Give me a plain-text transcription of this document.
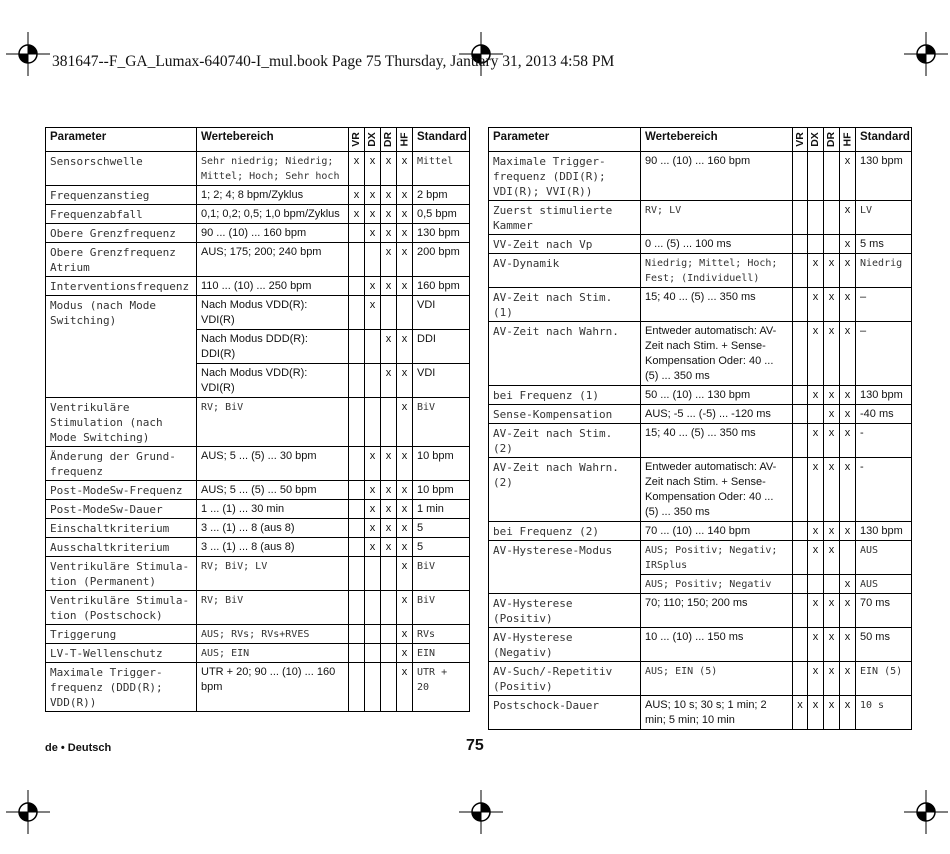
381647--F_GA_Lumax-640740-I_mul.book Page 75 Thursday, January 31, 2013 4:58 PM
Parameter	Wertebereich	VR	DX	DR	HF	Standard
Sensorschwelle	Sehr niedrig; Niedrig; Mittel; Hoch; Sehr hoch	x	x	x	x	Mittel
Frequenzanstieg	1; 2; 4; 8 bpm/Zyklus	x	x	x	x	2 bpm
Frequenzabfall	0,1; 0,2; 0,5; 1,0 bpm/Zyklus	x	x	x	x	0,5 bpm
Obere Grenzfrequenz	90 ... (10) ... 160 bpm		x	x	x	130 bpm
Obere Grenzfrequenz Atrium	AUS; 175; 200; 240 bpm			x	x	200 bpm
Interventionsfrequenz	110 ... (10) ... 250 bpm		x	x	x	160 bpm
Modus (nach Mode Switching)	Nach Modus VDD(R): VDI(R)		x			VDI
	Nach Modus DDD(R): DDI(R)			x	x	DDI
	Nach Modus VDD(R): VDI(R)			x	x	VDI
Ventrikuläre Stimulation (nach Mode Switching)	RV; BiV				x	BiV
Änderung der Grund-frequenz	AUS; 5 ... (5) ... 30 bpm		x	x	x	10 bpm
Post-ModeSw-Frequenz	AUS; 5 ... (5) ... 50 bpm		x	x	x	10 bpm
Post-ModeSw-Dauer	1 ... (1) ... 30 min		x	x	x	1 min
Einschaltkriterium	3 ... (1) ... 8 (aus 8)		x	x	x	5
Ausschaltkriterium	3 ... (1) ... 8 (aus 8)		x	x	x	5
Ventrikuläre Stimula-tion (Permanent)	RV; BiV; LV				x	BiV
Ventrikuläre Stimula-tion (Postschock)	RV; BiV				x	BiV
Triggerung	AUS; RVs; RVs+RVES				x	RVs
LV-T-Wellenschutz	AUS; EIN				x	EIN
Maximale Trigger-frequenz (DDD(R); VDD(R))	UTR + 20; 90 ... (10) ... 160 bpm				x	UTR + 20
Parameter	Wertebereich	VR	DX	DR	HF	Standard
Maximale Trigger-frequenz (DDI(R); VDI(R); VVI(R))	90 ... (10) ... 160 bpm				x	130 bpm
Zuerst stimulierte Kammer	RV; LV				x	LV
VV-Zeit nach Vp	0 ... (5) ... 100 ms				x	5 ms
AV-Dynamik	Niedrig; Mittel; Hoch; Fest; (Individuell)		x	x	x	Niedrig
AV-Zeit nach Stim. (1)	15; 40 ... (5) ... 350 ms		x	x	x	–
AV-Zeit nach Wahrn.	Entweder automatisch: AV-Zeit nach Stim. + Sense-Kompensation Oder: 40 ... (5) ... 350 ms		x	x	x	–
bei Frequenz (1)	50 ... (10) ... 130 bpm		x	x	x	130 bpm
Sense-Kompensation	AUS; -5 ... (-5) ... -120 ms			x	x	-40 ms
AV-Zeit nach Stim. (2)	15; 40 ... (5) ... 350 ms		x	x	x	-
AV-Zeit nach Wahrn. (2)	Entweder automatisch: AV-Zeit nach Stim. + Sense-Kompensation Oder: 40 ... (5) ... 350 ms		x	x	x	-
bei Frequenz (2)	70 ... (10) ... 140 bpm		x	x	x	130 bpm
AV-Hysterese-Modus	AUS; Positiv; Negativ; IRSplus		x	x		AUS
	AUS; Positiv; Negativ				x	AUS
AV-Hysterese (Positiv)	70; 110; 150; 200 ms		x	x	x	70 ms
AV-Hysterese (Negativ)	10 ... (10) ... 150 ms		x	x	x	50 ms
AV-Such/-Repetitiv (Positiv)	AUS; EIN (5)		x	x	x	EIN (5)
Postschock-Dauer	AUS; 10 s; 30 s; 1 min; 2 min; 5 min; 10 min	x	x	x	x	10 s
de • Deutsch	75
